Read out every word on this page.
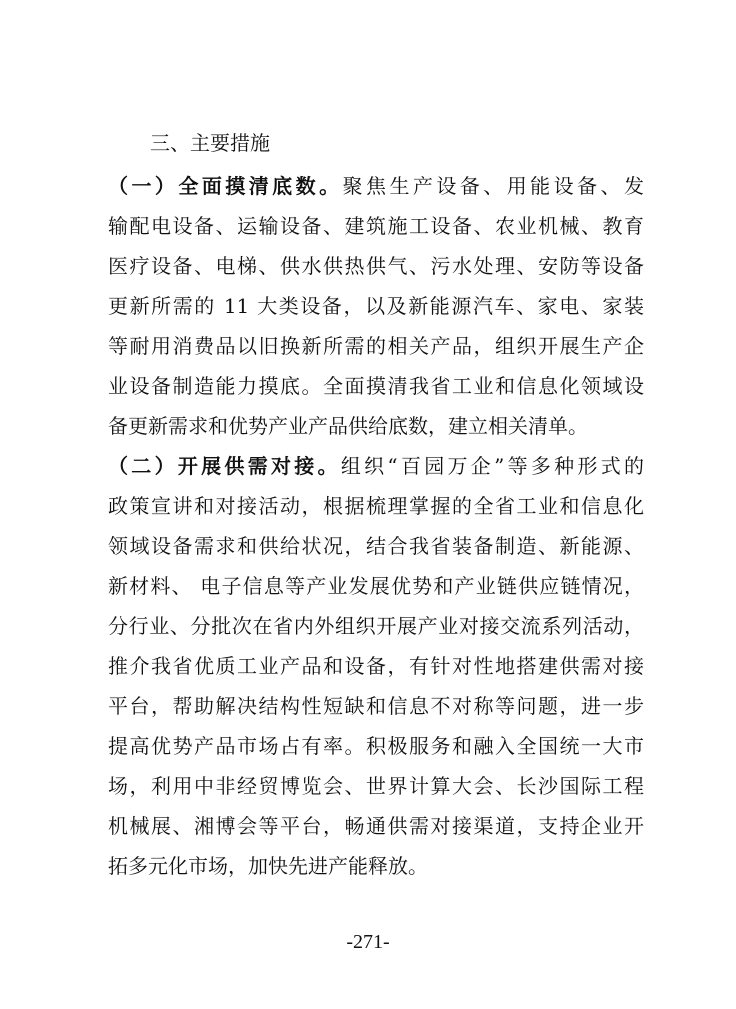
三、主要措施
（一）全面摸清底数。聚焦生产设备、用能设备、发
输配电设备、运输设备、建筑施工设备、农业机械、教育
医疗设备、电梯、供水供热供气、污水处理、安防等设备
更新所需的 11 大类设备，以及新能源汽车、家电、家装
等耐用消费品以旧换新所需的相关产品，组织开展生产企
业设备制造能力摸底。全面摸清我省工业和信息化领域设
备更新需求和优势产业产品供给底数，建立相关清单。
（二）开展供需对接。组织“百园万企”等多种形式的
政策宣讲和对接活动，根据梳理掌握的全省工业和信息化
领域设备需求和供给状况，结合我省装备制造、新能源、
新材料、 电子信息等产业发展优势和产业链供应链情况，
分行业、分批次在省内外组织开展产业对接交流系列活动，
推介我省优质工业产品和设备，有针对性地搭建供需对接
平台，帮助解决结构性短缺和信息不对称等问题，进一步
提高优势产品市场占有率。积极服务和融入全国统一大市
场，利用中非经贸博览会、世界计算大会、长沙国际工程
机械展、湘博会等平台，畅通供需对接渠道，支持企业开
拓多元化市场，加快先进产能释放。
-271-
